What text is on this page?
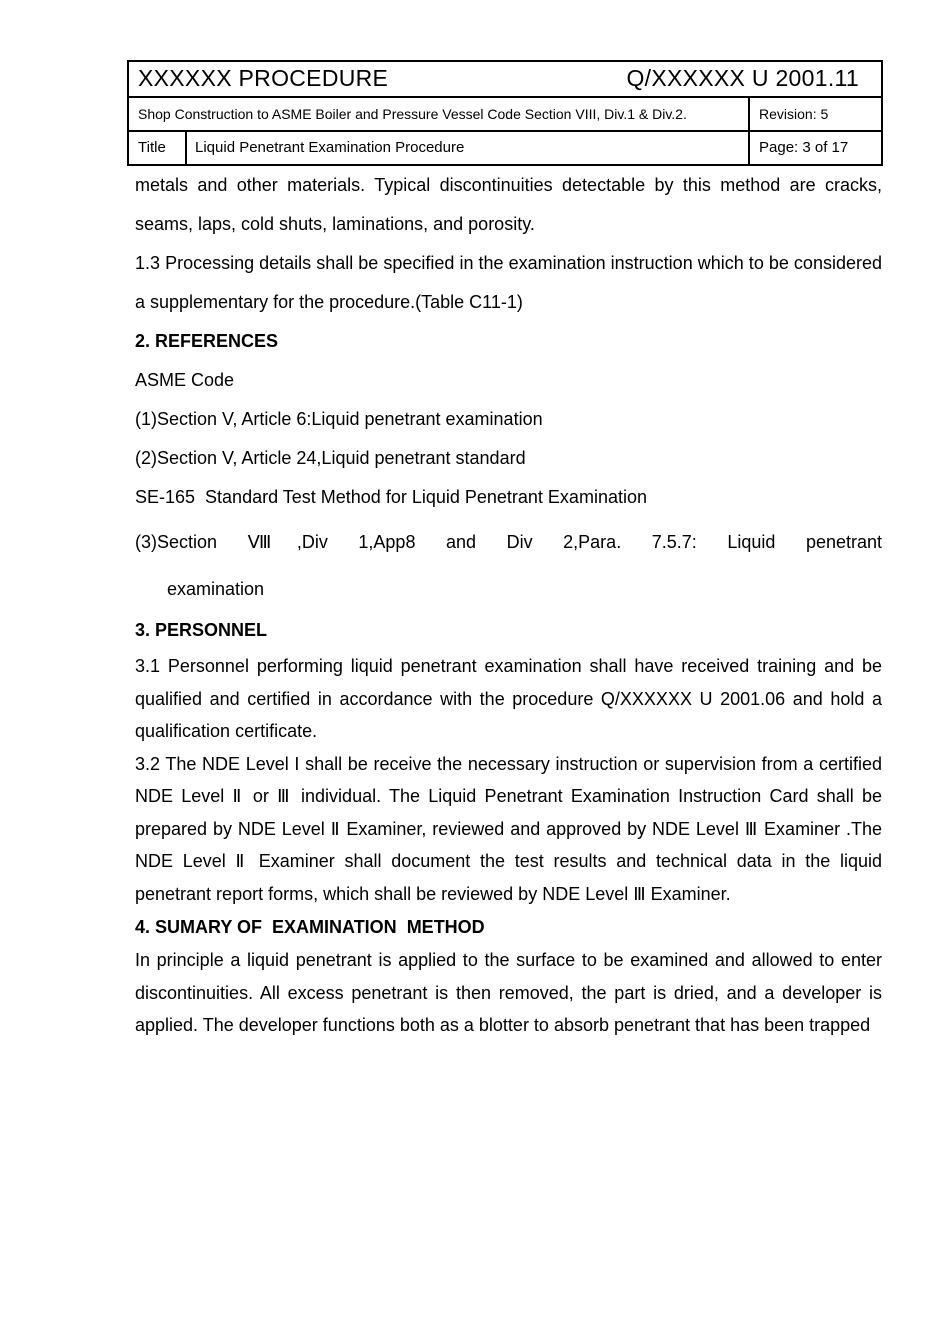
XXXXXX PROCEDURE	Q/XXXXXX U 2001.11
Shop Construction to ASME Boiler and Pressure Vessel Code Section VIII, Div.1 & Div.2.	Revision: 5
Title	Liquid Penetrant Examination Procedure	Page: 3 of 17

metals and other materials. Typical discontinuities detectable by this method are cracks, seams, laps, cold shuts, laminations, and porosity.

1.3 Processing details shall be specified in the examination instruction which to be considered a supplementary for the procedure.(Table C11-1)

2. REFERENCES

ASME Code

(1)Section V, Article 6:Liquid penetrant examination

(2)Section V, Article 24,Liquid penetrant standard

SE-165  Standard Test Method for Liquid Penetrant Examination

(3)Section Ⅷ,Div 1,App8 and Div 2,Para. 7.5.7: Liquid penetrant

examination

3. PERSONNEL

3.1 Personnel performing liquid penetrant examination shall have received training and be qualified and certified in accordance with the procedure Q/XXXXXX U 2001.06 and hold a qualification certificate.

3.2 The NDE Level I shall be receive the necessary instruction or supervision from a certified NDE Level Ⅱ or Ⅲ individual. The Liquid Penetrant Examination Instruction Card shall be prepared by NDE Level Ⅱ Examiner, reviewed and approved by NDE Level Ⅲ Examiner .The NDE Level Ⅱ Examiner shall document the test results and technical data in the liquid penetrant report forms, which shall be reviewed by NDE Level Ⅲ Examiner.

4. SUMARY OF  EXAMINATION  METHOD

In principle a liquid penetrant is applied to the surface to be examined and allowed to enter discontinuities. All excess penetrant is then removed, the part is dried, and a developer is applied. The developer functions both as a blotter to absorb penetrant that has been trapped
